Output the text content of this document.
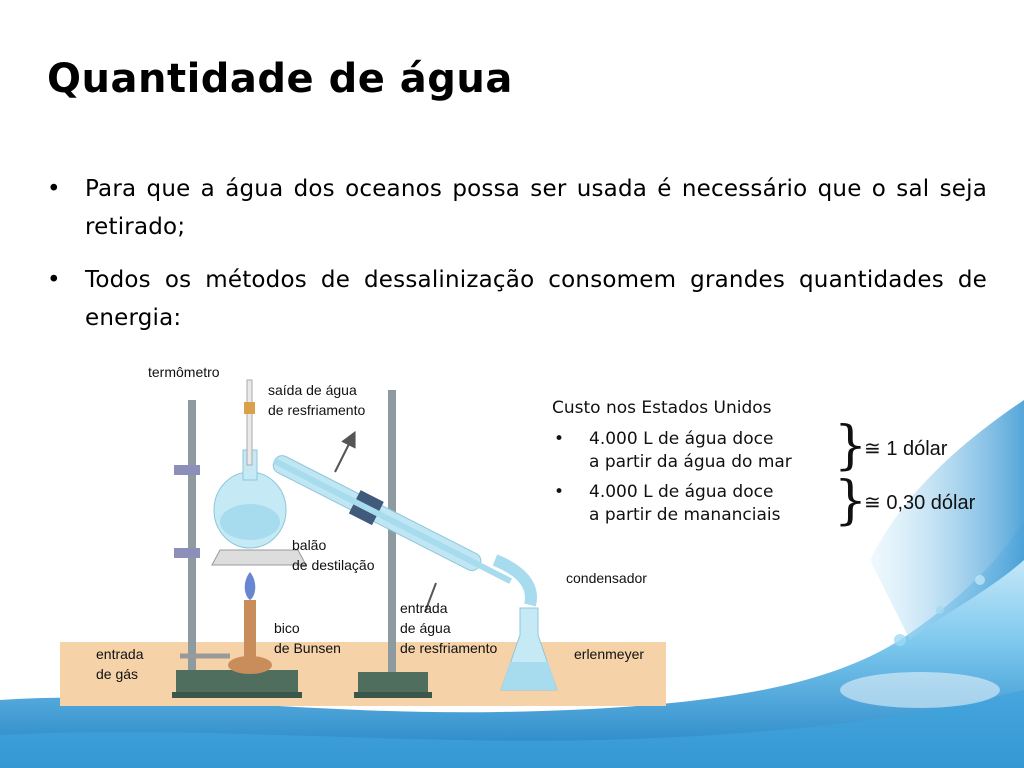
Quantidade de água
•	Para que a água dos oceanos possa ser usada é necessário que o sal seja retirado;
•	Todos os métodos de dessalinização consomem grandes quantidades de energia:
termômetro
saída de água
de resfriamento
balão
de destilação
condensador
entrada
de água
de resfriamento
bico
de Bunsen
entrada
de gás
erlenmeyer
Custo nos Estados Unidos
• 4.000 L de água doce
a partir da água do mar
• 4.000 L de água doce
a partir de mananciais
}
}
≅ 1 dólar
≅ 0,30 dólar
